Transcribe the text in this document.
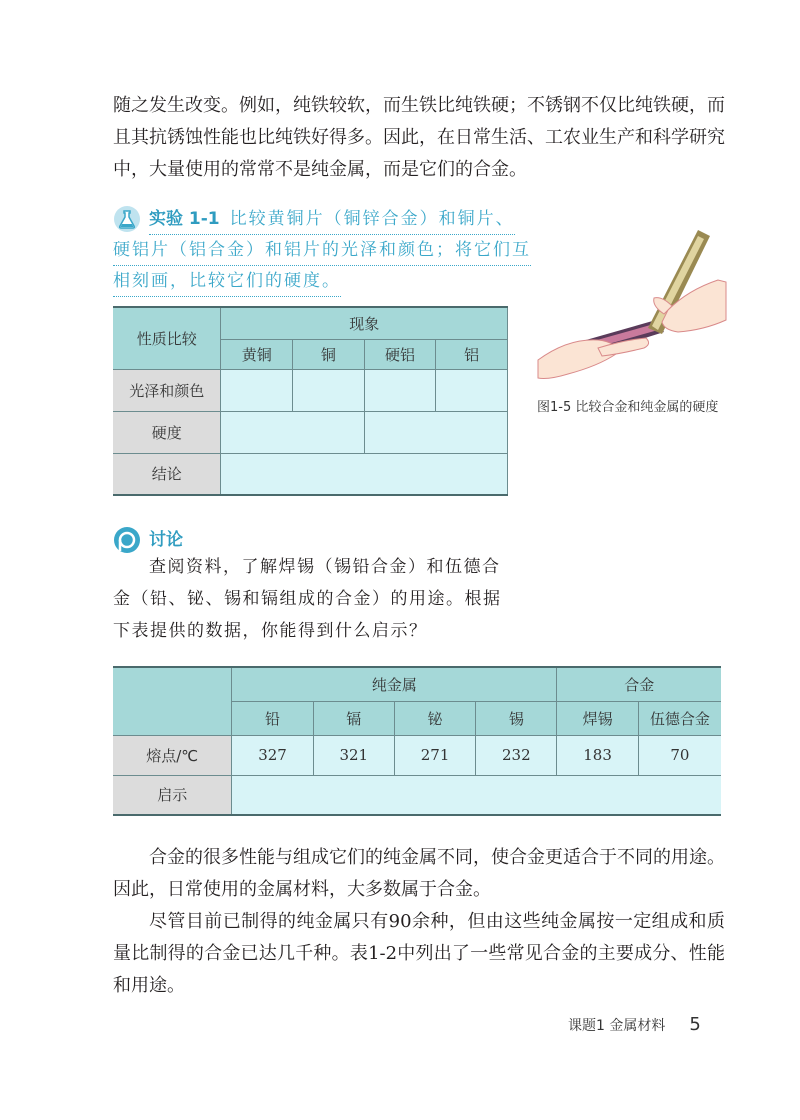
随之发生改变。例如，纯铁较软，而生铁比纯铁硬；不锈钢不仅比纯铁硬，而且其抗锈蚀性能也比纯铁好得多。因此，在日常生活、工农业生产和科学研究中，大量使用的常常不是纯金属，而是它们的合金。

实验 1-1 比较黄铜片（铜锌合金）和铜片、
硬铝片（铝合金）和铝片的光泽和颜色；将它们互
相刻画，比较它们的硬度。
性质比较	现象			
	黄铜	铜	硬铝	铝
光泽和颜色				
硬度				
结论				
图1-5 比较合金和纯金属的硬度
讨论

查阅资料，了解焊锡（锡铅合金）和伍德合金（铅、铋、锡和镉组成的合金）的用途。根据下表提供的数据，你能得到什么启示？

	纯金属				合金	
	铅	镉	铋	锡	焊锡	伍德合金
熔点/℃	327	321	271	232	183	70
启示						

合金的很多性能与组成它们的纯金属不同，使合金更适合于不同的用途。因此，日常使用的金属材料，大多数属于合金。

尽管目前已制得的纯金属只有90余种，但由这些纯金属按一定组成和质量比制得的合金已达几千种。表1-2中列出了一些常见合金的主要成分、性能和用途。

课题1 金属材料 5
